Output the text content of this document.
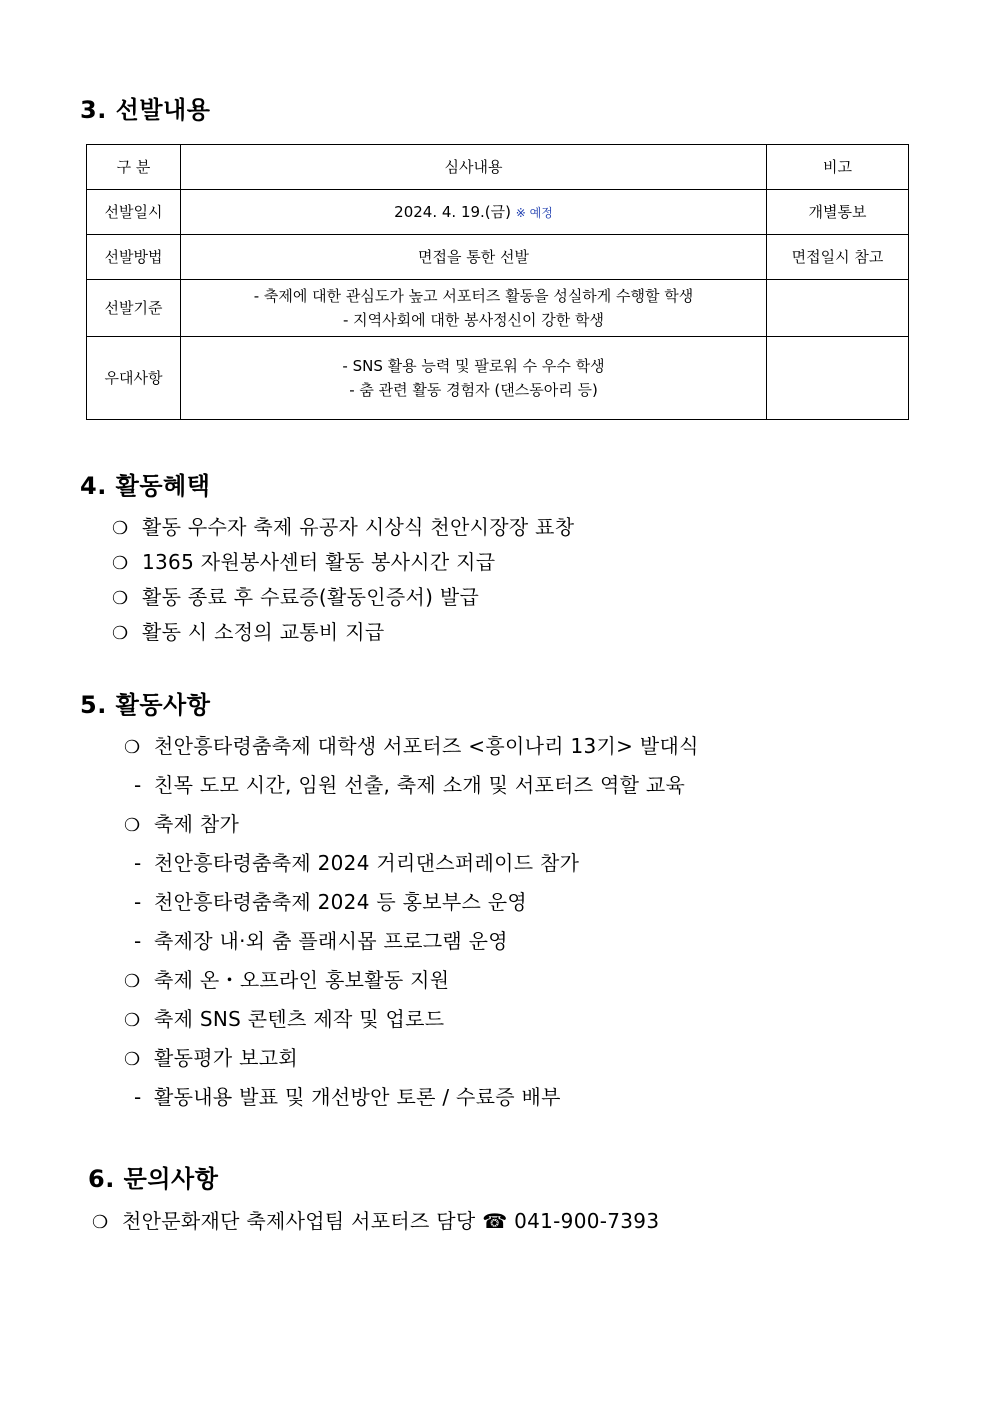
3. 선발내용
구 분	심사내용	비고
선발일시	2024. 4. 19.(금) ※ 예정	개별통보
선발방법	면접을 통한 선발	면접일시 참고
선발기준	- 축제에 대한 관심도가 높고 서포터즈 활동을 성실하게 수행할 학생
- 지역사회에 대한 봉사정신이 강한 학생	

우대사항	- SNS 활용 능력 및 팔로워 수 우수 학생
- 춤 관련 활동 경험자 (댄스동아리 등)	

4. 활동혜택
❍ 활동 우수자 축제 유공자 시상식 천안시장장 표창
❍ 1365 자원봉사센터 활동 봉사시간 지급
❍ 활동 종료 후 수료증(활동인증서) 발급
❍ 활동 시 소정의 교통비 지급
5. 활동사항
❍ 천안흥타령춤축제 대학생 서포터즈 <흥이나리 13기> 발대식
- 친목 도모 시간, 임원 선출, 축제 소개 및 서포터즈 역할 교육
❍ 축제 참가
- 천안흥타령춤축제 2024 거리댄스퍼레이드 참가
- 천안흥타령춤축제 2024 등 홍보부스 운영
- 축제장 내·외 춤 플래시몹 프로그램 운영
❍ 축제 온・오프라인 홍보활동 지원
❍ 축제 SNS 콘텐츠 제작 및 업로드
❍ 활동평가 보고회
- 활동내용 발표 및 개선방안 토론 / 수료증 배부
6. 문의사항
❍ 천안문화재단 축제사업팀 서포터즈 담당 ☎ 041-900-7393
